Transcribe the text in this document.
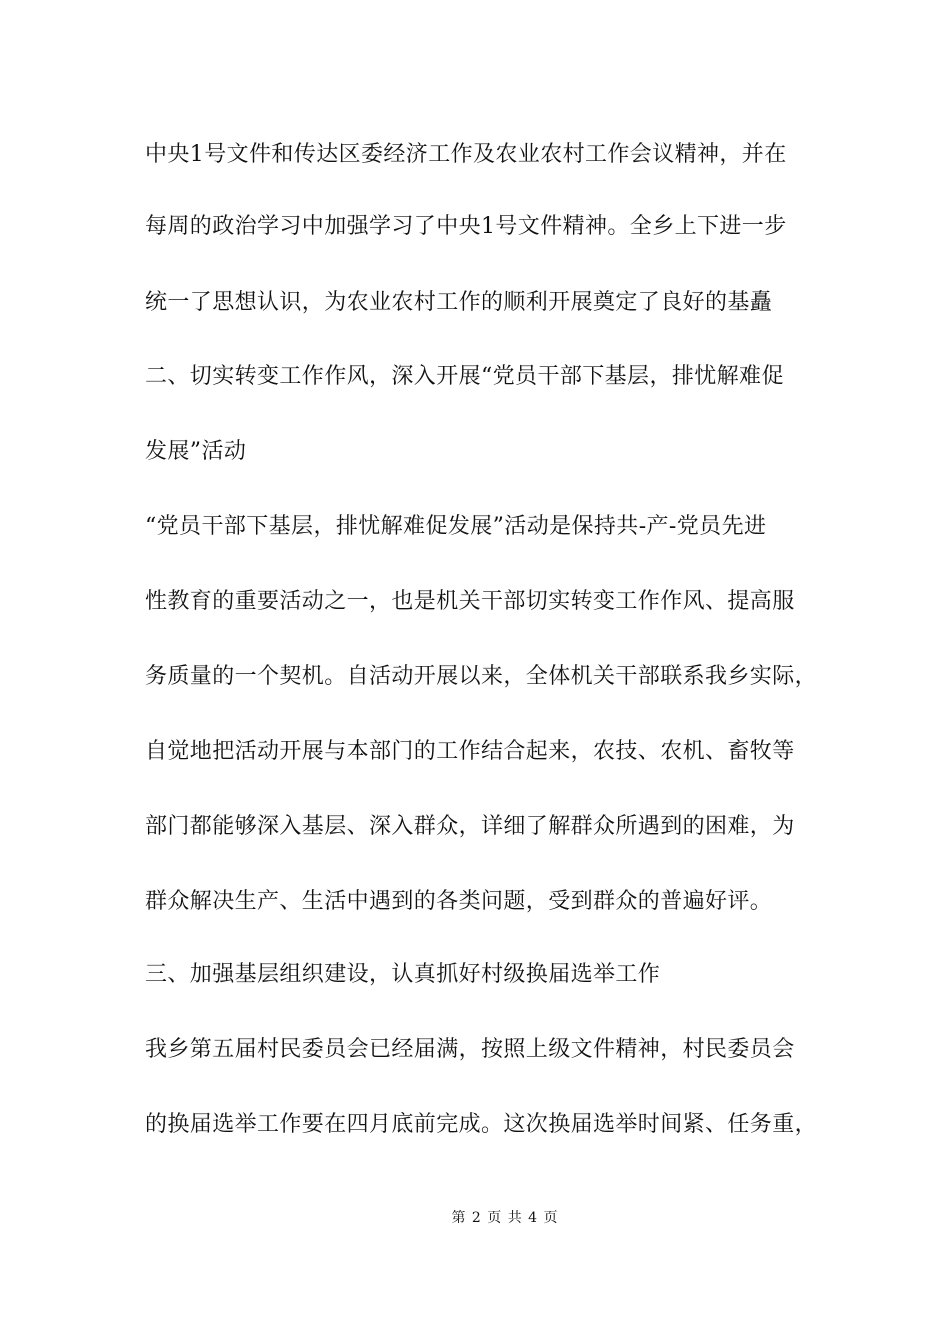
中央1号文件和传达区委经济工作及农业农村工作会议精神，并在
每周的政治学习中加强学习了中央1号文件精神。全乡上下进一步
统一了思想认识，为农业农村工作的顺利开展奠定了良好的基矗
二、切实转变工作作风，深入开展“党员干部下基层，排忧解难促
发展”活动
“党员干部下基层，排忧解难促发展”活动是保持共-产-党员先进
性教育的重要活动之一，也是机关干部切实转变工作作风、提高服
务质量的一个契机。自活动开展以来，全体机关干部联系我乡实际，
自觉地把活动开展与本部门的工作结合起来，农技、农机、畜牧等
部门都能够深入基层、深入群众，详细了解群众所遇到的困难，为
群众解决生产、生活中遇到的各类问题，受到群众的普遍好评。
三、加强基层组织建设，认真抓好村级换届选举工作
我乡第五届村民委员会已经届满，按照上级文件精神，村民委员会
的换届选举工作要在四月底前完成。这次换届选举时间紧、任务重，
第 2 页 共 4 页
